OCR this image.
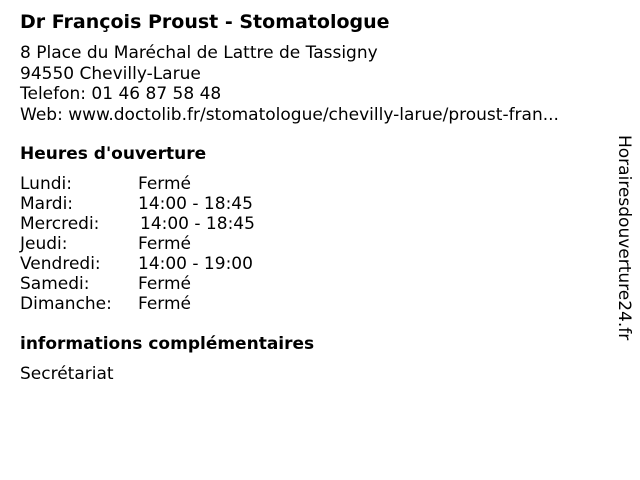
Dr François Proust - Stomatologue
8 Place du Maréchal de Lattre de Tassigny
94550 Chevilly-Larue
Telefon: 01 46 87 58 48
Web: www.doctolib.fr/stomatologue/chevilly-larue/proust-fran...
Heures d'ouverture
Lundi:	Fermé
Mardi:	14:00 - 18:45
Mercredi: 14:00 - 18:45
Jeudi:	Fermé
Vendredi: 14:00 - 19:00
Samedi:	Fermé
Dimanche: Fermé
informations complémentaires
Secrétariat
Horairesdouverture24.fr
